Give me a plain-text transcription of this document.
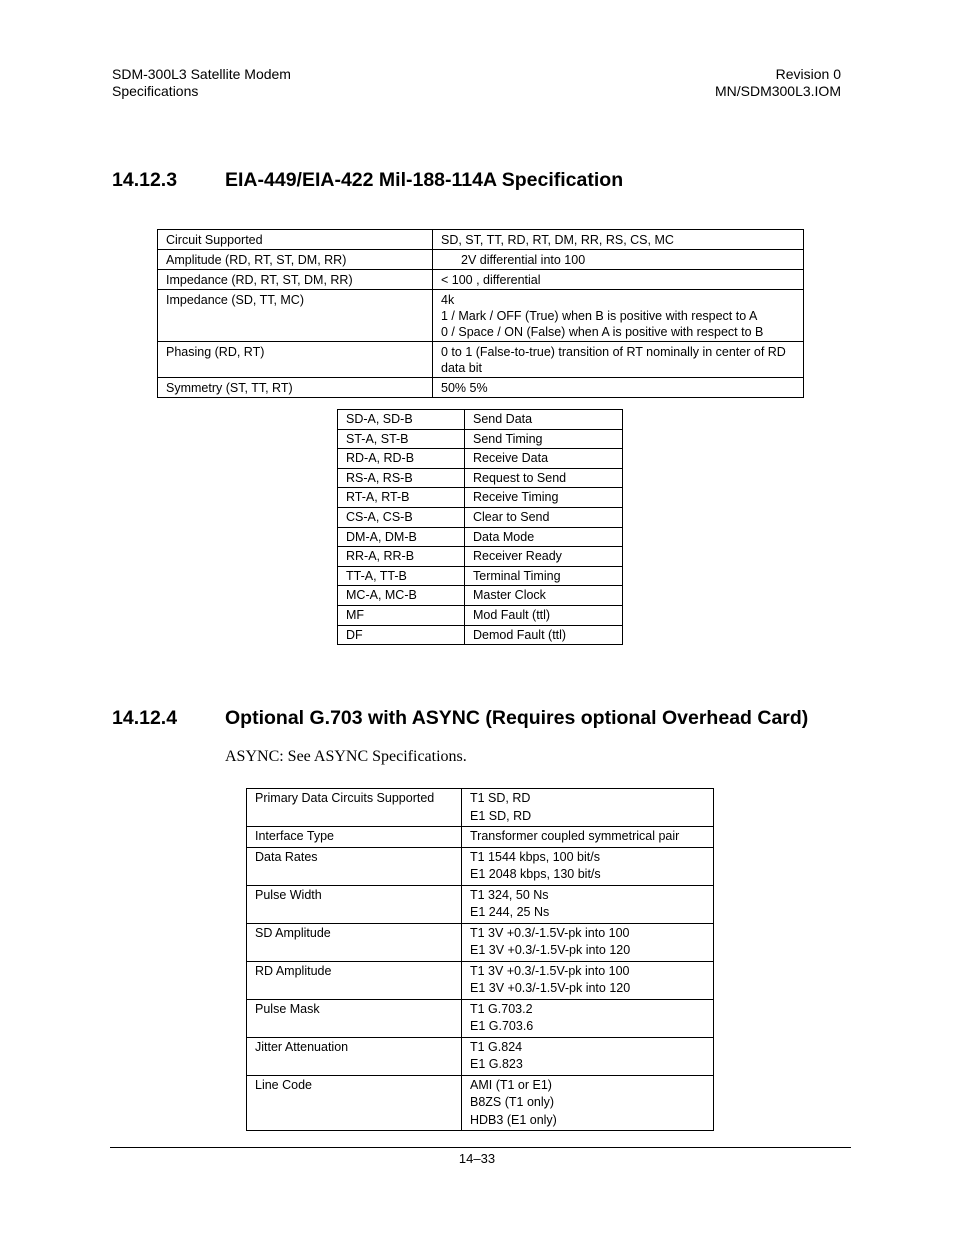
SDM-300L3 Satellite Modem
Specifications
Revision 0
MN/SDM300L3.IOM
14.12.3 EIA-449/EIA-422 Mil-188-114A Specification
Circuit Supported	SD, ST, TT, RD, RT, DM, RR, RS, CS, MC

Amplitude (RD, RT, ST, DM, RR)	2V differential into 100

Impedance (RD, RT, ST, DM, RR)	< 100 , differential

Impedance (SD, TT, MC)	4k
1 / Mark / OFF (True) when B is positive with respect to A
0 / Space / ON (False) when A is positive with respect to B

Phasing (RD, RT)	0 to 1 (False-to-true) transition of RT nominally in center of RD data bit

Symmetry (ST, TT, RT)	50% 5%
SD-A, SD-B	Send Data
ST-A, ST-B	Send Timing
RD-A, RD-B	Receive Data
RS-A, RS-B	Request to Send
RT-A, RT-B	Receive Timing
CS-A, CS-B	Clear to Send
DM-A, DM-B	Data Mode
RR-A, RR-B	Receiver Ready
TT-A, TT-B	Terminal Timing
MC-A, MC-B	Master Clock
MF	Mod Fault (ttl)
DF	Demod Fault (ttl)
14.12.4 Optional G.703 with ASYNC (Requires optional Overhead Card)
ASYNC: See ASYNC Specifications.
Primary Data Circuits Supported	T1 SD, RD
E1 SD, RD

Interface Type	Transformer coupled symmetrical pair

Data Rates	T1 1544 kbps, 100 bit/s
E1 2048 kbps, 130 bit/s

Pulse Width	T1 324, 50 Ns
E1 244, 25 Ns

SD Amplitude	T1 3V +0.3/-1.5V-pk into 100
E1 3V +0.3/-1.5V-pk into 120

RD Amplitude	T1 3V +0.3/-1.5V-pk into 100
E1 3V +0.3/-1.5V-pk into 120

Pulse Mask	T1 G.703.2
E1 G.703.6

Jitter Attenuation	T1 G.824
E1 G.823

Line Code	AMI (T1 or E1)
B8ZS (T1 only)
HDB3 (E1 only)
14–33
